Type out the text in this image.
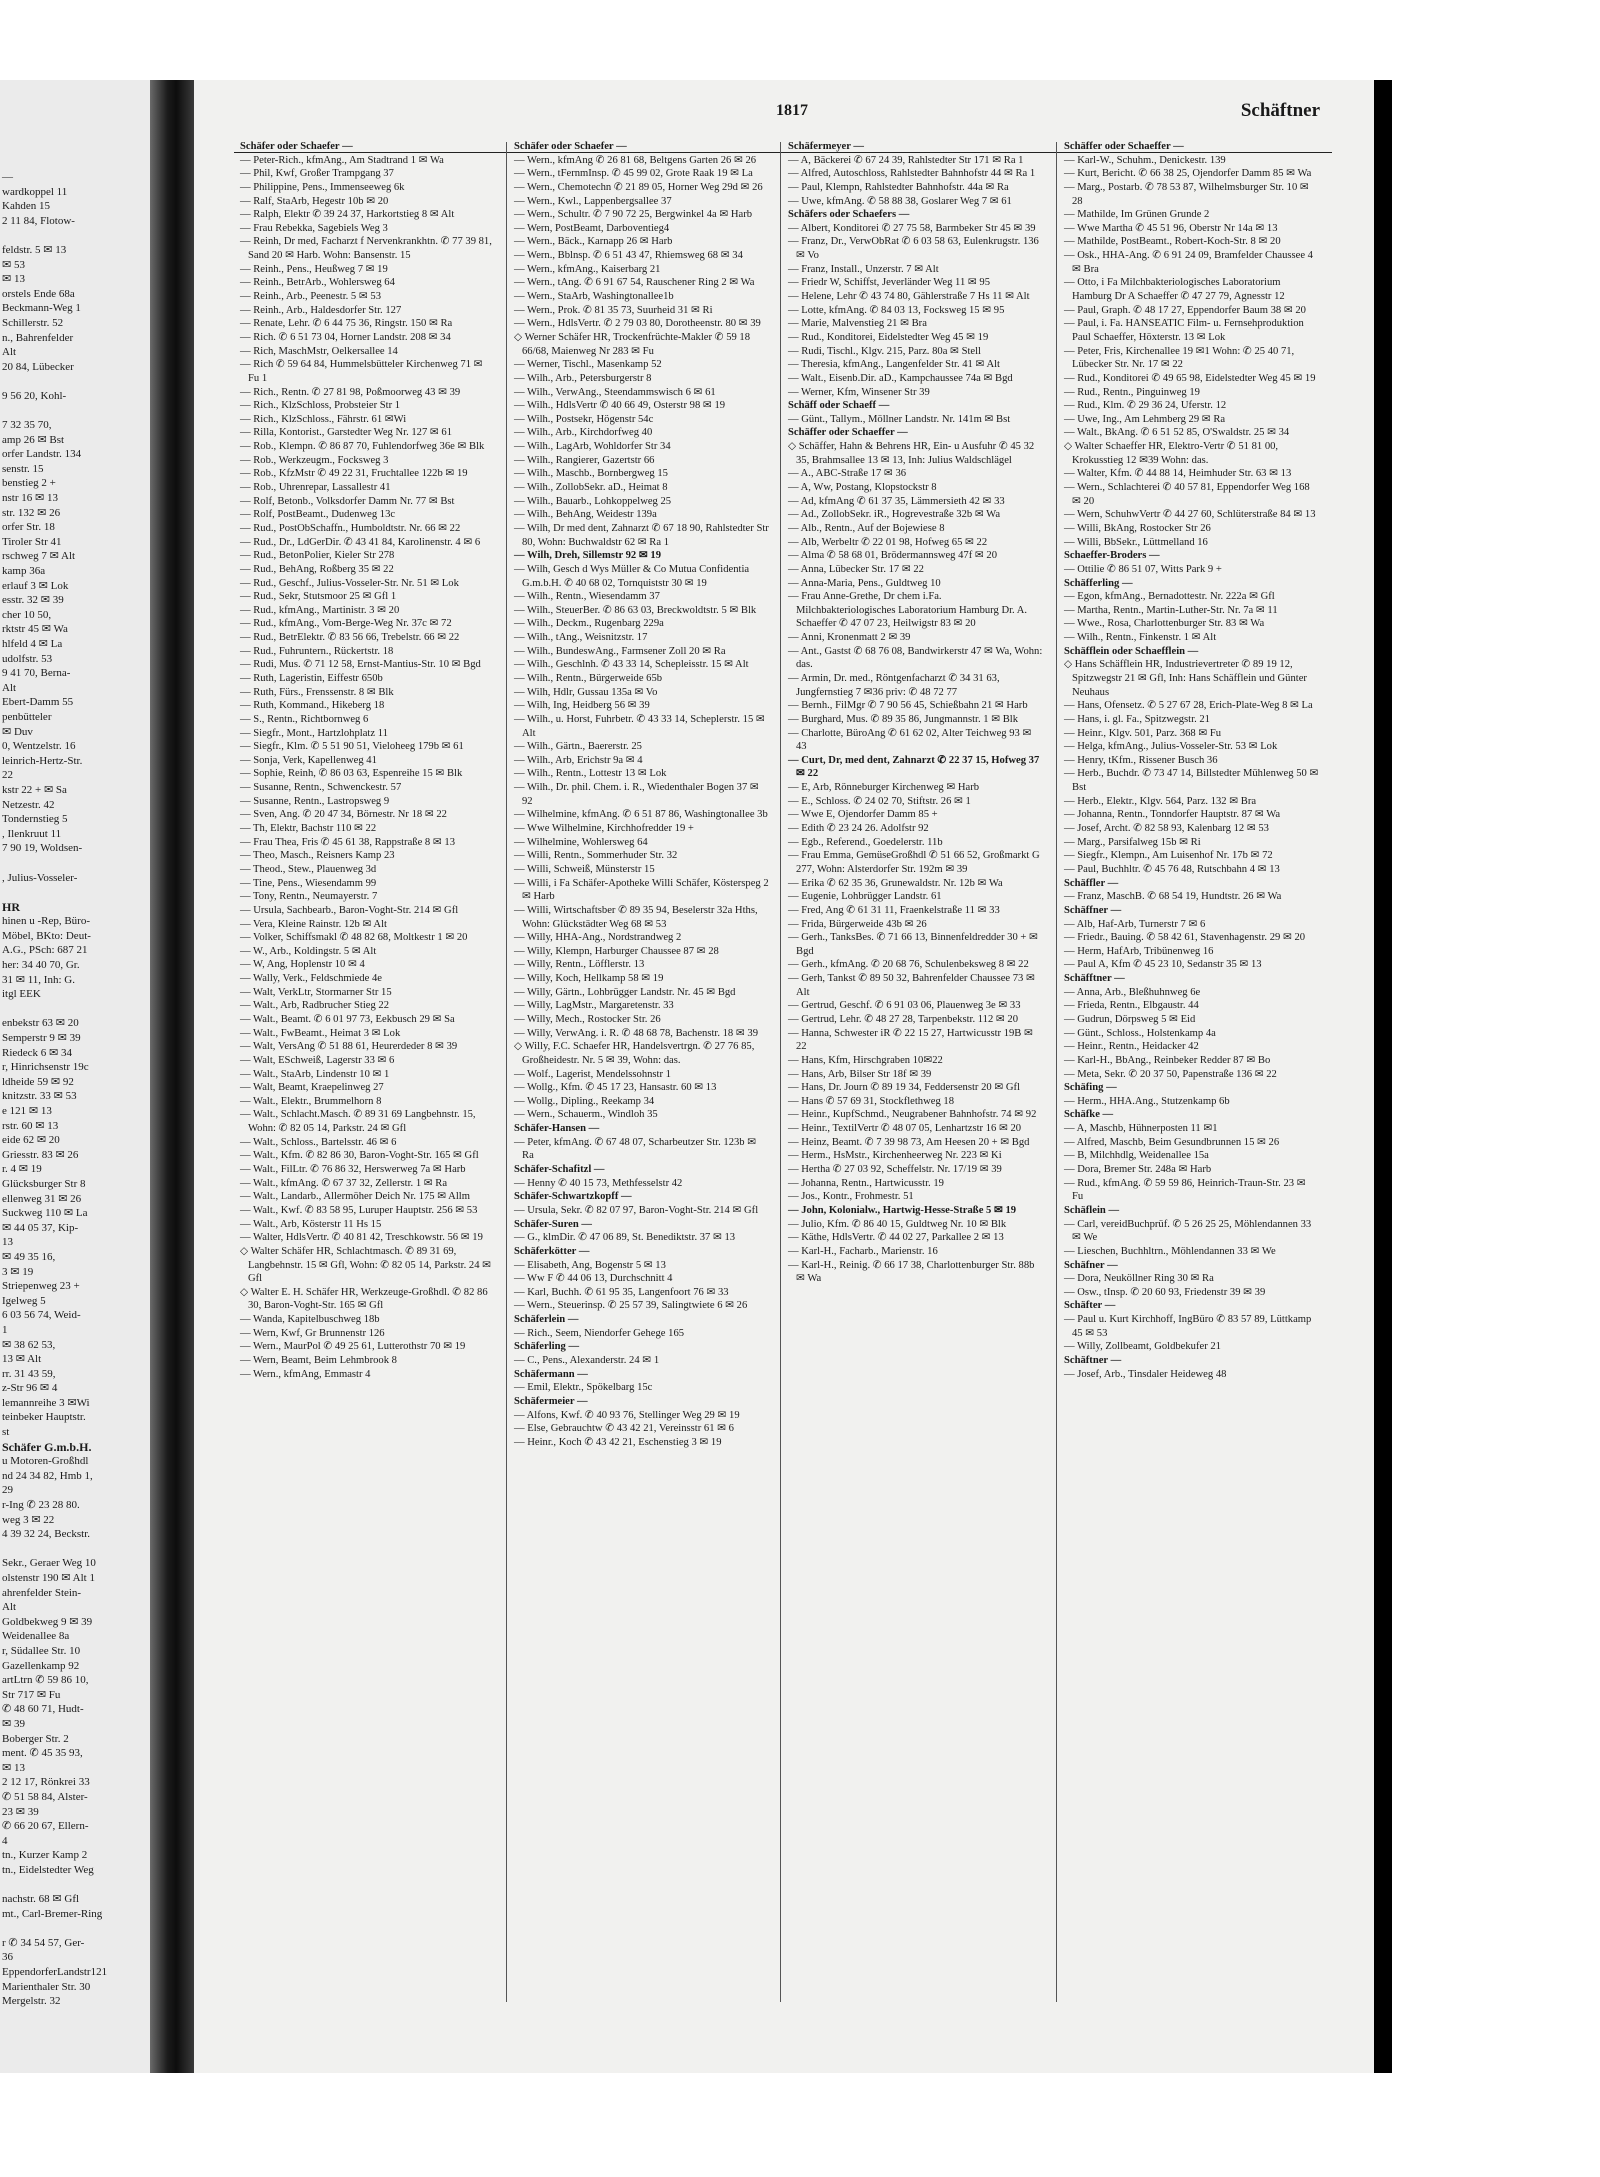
—
wardkoppel 11
Kahden 15
2 11 84, Flotow-

feldstr. 5 ✉ 13
✉ 53
✉ 13
orstels Ende 68a
Beckmann-Weg 1
Schillerstr. 52
n., Bahrenfelder
Alt
20 84, Lübecker

9 56 20, Kohl-

7 32 35 70,
amp 26 ✉ Bst
orfer Landstr. 134
senstr. 15
benstieg 2 +
nstr 16 ✉ 13
str. 132 ✉ 26
orfer Str. 18
Tiroler Str 41
rschweg 7 ✉ Alt
kamp 36a
erlauf 3 ✉ Lok
esstr. 32 ✉ 39
cher 10 50,
rktstr 45 ✉ Wa
hlfeld 4 ✉ La
udolfstr. 53
9 41 70, Berna-
Alt
Ebert-Damm 55
penbütteler
✉ Duv
0, Wentzelstr. 16
leinrich-Hertz-Str.
22
kstr 22 + ✉ Sa
Netzestr. 42
Tondernstieg 5
, Ilenkruut 11
7 90 19, Woldsen-

, Julius-Vosseler-

HR
hinen u -Rep, Büro-
Möbel, BKto: Deut-
A.G., PSch: 687 21
her: 34 40 70, Gr.
31 ✉ 11, Inh: G.
itgl EEK

enbekstr 63 ✉ 20
Semperstr 9 ✉ 39
Riedeck 6 ✉ 34
r, Hinrichsenstr 19c
ldheide 59 ✉ 92
knitzstr. 33 ✉ 53
e 121 ✉ 13
rstr. 60 ✉ 13
eide 62 ✉ 20
Griesstr. 83 ✉ 26
r. 4 ✉ 19
Glücksburger Str 8
ellenweg 31 ✉ 26
Suckweg 110 ✉ La
✉ 44 05 37, Kip-
13
✉ 49 35 16,
3 ✉ 19
Striepenweg 23 +
Igelweg 5
6 03 56 74, Weid-
1
✉ 38 62 53,
13 ✉ Alt
rr. 31 43 59,
z-Str 96 ✉ 4
lemannreihe 3 ✉Wi
teinbeker Hauptstr.
st
Schäfer G.m.b.H.
u Motoren-Großhdl
nd 24 34 82, Hmb 1,
29
r-Ing ✆ 23 28 80.
weg 3 ✉ 22
4 39 32 24, Beckstr.

Sekr., Geraer Weg 10
olstenstr 190 ✉ Alt 1
ahrenfelder Stein-
Alt
Goldbekweg 9 ✉ 39
Weidenallee 8a
r, Südallee Str. 10
Gazellenkamp 92
artLtrn ✆ 59 86 10,
Str 717 ✉ Fu
✆ 48 60 71, Hudt-
✉ 39
Boberger Str. 2
ment. ✆ 45 35 93,
✉ 13
2 12 17, Rönkrei 33
✆ 51 58 84, Alster-
23 ✉ 39
✆ 66 20 67, Ellern-
4
tn., Kurzer Kamp 2
tn., Eidelstedter Weg

nachstr. 68 ✉ Gfl
mt., Carl-Bremer-Ring

r ✆ 34 54 57, Ger-
36
EppendorferLandstr121
Marienthaler Str. 30
Mergelstr. 32
1817	Schäftner
Schäfer oder Schaefer —
— Peter-Rich., kfmAng., Am Stadtrand 1 ✉ Wa
— Phil, Kwf, Großer Trampgang 37
— Philippine, Pens., Immenseeweg 6k
— Ralf, StaArb, Hegestr 10b ✉ 20
— Ralph, Elektr ✆ 39 24 37, Harkortstieg 8 ✉ Alt
— Frau Rebekka, Sagebiels Weg 3
— Reinh, Dr med, Facharzt f Nervenkrankhtn. ✆ 77 39 81, Sand 20 ✉ Harb. Wohn: Bansenstr. 15
— Reinh., Pens., Heußweg 7 ✉ 19
— Reinh., BetrArb., Wohlersweg 64
— Reinh., Arb., Peenestr. 5 ✉ 53
— Reinh., Arb., Haldesdorfer Str. 127
— Renate, Lehr. ✆ 6 44 75 36, Ringstr. 150 ✉ Ra
— Rich. ✆ 6 51 73 04, Horner Landstr. 208 ✉ 34
— Rich, MaschMstr, Oelkersallee 14
— Rich ✆ 59 64 84, Hummelsbütteler Kirchenweg 71 ✉ Fu 1
— Rich., Rentn. ✆ 27 81 98, Poßmoorweg 43 ✉ 39
— Rich., KlzSchloss, Probsteier Str 1
— Rich., KlzSchloss., Fährstr. 61 ✉Wi
— Rilla, Kontorist., Garstedter Weg Nr. 127 ✉ 61
— Rob., Klempn. ✆ 86 87 70, Fuhlendorfweg 36e ✉ Blk
— Rob., Werkzeugm., Focksweg 3
— Rob., KfzMstr ✆ 49 22 31, Fruchtallee 122b ✉ 19
— Rob., Uhrenrepar, Lassallestr 41
— Rolf, Betonb., Volksdorfer Damm Nr. 77 ✉ Bst
— Rolf, PostBeamt., Dudenweg 13c
— Rud., PostObSchaffn., Humboldtstr. Nr. 66 ✉ 22
— Rud., Dr., LdGerDir. ✆ 43 41 84, Karolinenstr. 4 ✉ 6
— Rud., BetonPolier, Kieler Str 278
— Rud., BehAng, Roßberg 35 ✉ 22
— Rud., Geschf., Julius-Vosseler-Str. Nr. 51 ✉ Lok
— Rud., Sekr, Stutsmoor 25 ✉ Gfl 1
— Rud., kfmAng., Martinistr. 3 ✉ 20
— Rud., kfmAng., Vom-Berge-Weg Nr. 37c ✉ 72
— Rud., BetrElektr. ✆ 83 56 66, Trebelstr. 66 ✉ 22
— Rud., Fuhruntern., Rückertstr. 18
— Rudi, Mus. ✆ 71 12 58, Ernst-Mantius-Str. 10 ✉ Bgd
— Ruth, Lageristin, Eiffestr 650b
— Ruth, Fürs., Frenssenstr. 8 ✉ Blk
— Ruth, Kommand., Hikeberg 18
— S., Rentn., Richtbornweg 6
— Siegfr., Mont., Hartzlohplatz 11
— Siegfr., Klm. ✆ 5 51 90 51, Vieloheeg 179b ✉ 61
— Sonja, Verk, Kapellenweg 41
— Sophie, Reinh, ✆ 86 03 63, Espenreihe 15 ✉ Blk
— Susanne, Rentn., Schwenckestr. 57
— Susanne, Rentn., Lastropsweg 9
— Sven, Ang. ✆ 20 47 34, Börnestr. Nr 18 ✉ 22
— Th, Elektr, Bachstr 110 ✉ 22
— Frau Thea, Fris ✆ 45 61 38, Rappstraße 8 ✉ 13
— Theo, Masch., Reisners Kamp 23
— Theod., Stew., Plauenweg 3d
— Tine, Pens., Wiesendamm 99
— Tony, Rentn., Neumayerstr. 7
— Ursula, Sachbearb., Baron-Voght-Str. 214 ✉ Gfl
— Vera, Kleine Rainstr. 12b ✉ Alt
— Volker, Schiffsmakl ✆ 48 82 68, Moltkestr 1 ✉ 20
— W., Arb., Koldingstr. 5 ✉ Alt
— W, Ang, Hoplenstr 10 ✉ 4
— Wally, Verk., Feldschmiede 4e
— Walt, VerkLtr, Stormarner Str 15
— Walt., Arb, Radbrucher Stieg 22
— Walt., Beamt. ✆ 6 01 97 73, Eekbusch 29 ✉ Sa
— Walt., FwBeamt., Heimat 3 ✉ Lok
— Walt, VersAng ✆ 51 88 61, Heurerdeder 8 ✉ 39
— Walt, ESchweiß, Lagerstr 33 ✉ 6
— Walt., StaArb, Lindenstr 10 ✉ 1
— Walt, Beamt, Kraepelinweg 27
— Walt., Elektr., Brummelhorn 8
— Walt., Schlacht.Masch. ✆ 89 31 69 Langbehnstr. 15, Wohn: ✆ 82 05 14, Parkstr. 24 ✉ Gfl
— Walt., Schloss., Bartelsstr. 46 ✉ 6
— Walt., Kfm. ✆ 82 86 30, Baron-Voght-Str. 165 ✉ Gfl
— Walt., FilLtr. ✆ 76 86 32, Herswerweg 7a ✉ Harb
— Walt., kfmAng. ✆ 67 37 32, Zellerstr. 1 ✉ Ra
— Walt., Landarb., Allermöher Deich Nr. 175 ✉ Allm
— Walt., Kwf. ✆ 83 58 95, Luruper Hauptstr. 256 ✉ 53
— Walt., Arb, Kösterstr 11 Hs 15
— Walter, HdlsVertr. ✆ 40 81 42, Treschkowstr. 56 ✉ 19
◇ Walter Schäfer HR, Schlachtmasch. ✆ 89 31 69, Langbehnstr. 15 ✉ Gfl, Wohn: ✆ 82 05 14, Parkstr. 24 ✉ Gfl
◇ Walter E. H. Schäfer HR, Werkzeuge-Großhdl. ✆ 82 86 30, Baron-Voght-Str. 165 ✉ Gfl
— Wanda, Kapitelbuschweg 18b
— Wern, Kwf, Gr Brunnenstr 126
— Wern., MaurPol ✆ 49 25 61, Lutterothstr 70 ✉ 19
— Wern, Beamt, Beim Lehmbrook 8
— Wern., kfmAng, Emmastr 4
Schäfer oder Schaefer —
— Wern., kfmAng ✆ 26 81 68, Beltgens Garten 26 ✉ 26
— Wern., tFernmInsp. ✆ 45 99 02, Grote Raak 19 ✉ La
— Wern., Chemotechn ✆ 21 89 05, Horner Weg 29d ✉ 26
— Wern., Kwl., Lappenbergsallee 37
— Wern., Schultr. ✆ 7 90 72 25, Bergwinkel 4a ✉ Harb
— Wern, PostBeamt, Darboventieg4
— Wern., Bäck., Karnapp 26 ✉ Harb
— Wern., Bblnsp. ✆ 6 51 43 47, Rhiemsweg 68 ✉ 34
— Wern., kfmAng., Kaiserbarg 21
— Wern., tAng. ✆ 6 91 67 54, Rauschener Ring 2 ✉ Wa
— Wern., StaArb, Washingtonallee1b
— Wern., Prok. ✆ 81 35 73, Suurheid 31 ✉ Ri
— Wern., HdlsVertr. ✆ 2 79 03 80, Dorotheenstr. 80 ✉ 39
◇ Werner Schäfer HR, Trockenfrüchte-Makler ✆ 59 18 66/68, Maienweg Nr 283 ✉ Fu
— Werner, Tischl., Masenkamp 52
— Wilh., Arb., Petersburgerstr 8
— Wilh., VerwAng., Steendammswisch 6 ✉ 61
— Wilh., HdlsVertr ✆ 40 66 49, Osterstr 98 ✉ 19
— Wilh., Postsekr, Högenstr 54c
— Wilh., Arb., Kirchdorfweg 40
— Wilh., LagArb, Wohldorfer Str 34
— Wilh., Rangierer, Gazertstr 66
— Wilh., Maschb., Bornbergweg 15
— Wilh., ZollobSekr. aD., Heimat 8
— Wilh., Bauarb., Lohkoppelweg 25
— Wilh., BehAng, Weidestr 139a
— Wilh, Dr med dent, Zahnarzt ✆ 67 18 90, Rahlstedter Str 80, Wohn: Buchwaldstr 62 ✉ Ra 1
— Wilh, Dreh, Sillemstr 92 ✉ 19
— Wilh, Gesch d Wys Müller & Co Mutua Confidentia G.m.b.H. ✆ 40 68 02, Tornquiststr 30 ✉ 19
— Wilh., Rentn., Wiesendamm 37
— Wilh., SteuerBer. ✆ 86 63 03, Breckwoldtstr. 5 ✉ Blk
— Wilh., Deckm., Rugenbarg 229a
— Wilh., tAng., Weisnitzstr. 17
— Wilh., BundeswAng., Farmsener Zoll 20 ✉ Ra
— Wilh., Geschlnh. ✆ 43 33 14, Schepleisstr. 15 ✉ Alt
— Wilh., Rentn., Bürgerweide 65b
— Wilh, Hdlr, Gussau 135a ✉ Vo
— Wilh, Ing, Heidberg 56 ✉ 39
— Wilh., u. Horst, Fuhrbetr. ✆ 43 33 14, Scheplerstr. 15 ✉ Alt
— Wilh., Gärtn., Baererstr. 25
— Wilh., Arb, Erichstr 9a ✉ 4
— Wilh., Rentn., Lottestr 13 ✉ Lok
— Wilh., Dr. phil. Chem. i. R., Wiedenthaler Bogen 37 ✉ 92
— Wilhelmine, kfmAng. ✆ 6 51 87 86, Washingtonallee 3b
— Wwe Wilhelmine, Kirchhofredder 19 +
— Wilhelmine, Wohlersweg 64
— Willi, Rentn., Sommerhuder Str. 32
— Willi, Schweiß, Münsterstr 15
— Willi, i Fa Schäfer-Apotheke Willi Schäfer, Kösterspeg 2 ✉ Harb
— Willi, Wirtschaftsber ✆ 89 35 94, Beselerstr 32a Hths, Wohn: Glückstädter Weg 68 ✉ 53
— Willy, HHA-Ang., Nordstrandweg 2
— Willy, Klempn, Harburger Chaussee 87 ✉ 28
— Willy, Rentn., Löfflerstr. 13
— Willy, Koch, Hellkamp 58 ✉ 19
— Willy, Gärtn., Lohbrügger Landstr. Nr. 45 ✉ Bgd
— Willy, LagMstr., Margaretenstr. 33
— Willy, Mech., Rostocker Str. 26
— Willy, VerwAng. i. R. ✆ 48 68 78, Bachenstr. 18 ✉ 39
◇ Willy, F.C. Schaefer HR, Handelsvertrgn. ✆ 27 76 85, Großheidestr. Nr. 5 ✉ 39, Wohn: das.
— Wolf., Lagerist, Mendelssohnstr 1
— Wollg., Kfm. ✆ 45 17 23, Hansastr. 60 ✉ 13
— Wollg., Dipling., Reekamp 34
— Wern., Schauerm., Windloh 35
Schäfer-Hansen —
— Peter, kfmAng. ✆ 67 48 07, Scharbeutzer Str. 123b ✉ Ra
Schäfer-Schafitzl —
— Henny ✆ 40 15 73, Methfesselstr 42
Schäfer-Schwartzkopff —
— Ursula, Sekr. ✆ 82 07 97, Baron-Voght-Str. 214 ✉ Gfl
Schäfer-Suren —
— G., klmDir. ✆ 47 06 89, St. Benediktstr. 37 ✉ 13
Schäferkötter —
— Elisabeth, Ang, Bogenstr 5 ✉ 13
— Ww F ✆ 44 06 13, Durchschnitt 4
— Karl, Buchh. ✆ 61 95 35, Langenfoort 76 ✉ 33
— Wern., Steuerinsp. ✆ 25 57 39, Salingtwiete 6 ✉ 26
Schäferlein —
— Rich., Seem, Niendorfer Gehege 165
Schäferling —
— C., Pens., Alexanderstr. 24 ✉ 1
Schäfermann —
— Emil, Elektr., Spökelbarg 15c
Schäfermeier —
— Alfons, Kwf. ✆ 40 93 76, Stellinger Weg 29 ✉ 19
— Else, Gebrauchtw ✆ 43 42 21, Vereinsstr 61 ✉ 6
— Heinr., Koch ✆ 43 42 21, Eschenstieg 3 ✉ 19
Schäfermeyer —
— A, Bäckerei ✆ 67 24 39, Rahlstedter Str 171 ✉ Ra 1
— Alfred, Autoschloss, Rahlstedter Bahnhofstr 44 ✉ Ra 1
— Paul, Klempn, Rahlstedter Bahnhofstr. 44a ✉ Ra
— Uwe, kfmAng. ✆ 58 88 38, Goslarer Weg 7 ✉ 61
Schäfers oder Schaefers —
— Albert, Konditorei ✆ 27 75 58, Barmbeker Str 45 ✉ 39
— Franz, Dr., VerwObRat ✆ 6 03 58 63, Eulenkrugstr. 136 ✉ Vo
— Franz, Install., Unzerstr. 7 ✉ Alt
— Friedr W, Schiffst, Jeverländer Weg 11 ✉ 95
— Helene, Lehr ✆ 43 74 80, Gählerstraße 7 Hs 11 ✉ Alt
— Lotte, kfmAng. ✆ 84 03 13, Focksweg 15 ✉ 95
— Marie, Malvenstieg 21 ✉ Bra
— Rud., Konditorei, Eidelstedter Weg 45 ✉ 19
— Rudi, Tischl., Klgv. 215, Parz. 80a ✉ Stell
— Theresia, kfmAng., Langenfelder Str. 41 ✉ Alt
— Walt., Eisenb.Dir. aD., Kampchaussee 74a ✉ Bgd
— Werner, Kfm, Winsener Str 39
Schäff oder Schaeff —
— Günt., Tallym., Möllner Landstr. Nr. 141m ✉ Bst
Schäffer oder Schaeffer —
◇ Schäffer, Hahn & Behrens HR, Ein- u Ausfuhr ✆ 45 32 35, Brahmsallee 13 ✉ 13, Inh: Julius Waldschlägel
— A., ABC-Straße 17 ✉ 36
— A, Ww, Postang, Klopstockstr 8
— Ad, kfmAng ✆ 61 37 35, Lämmersieth 42 ✉ 33
— Ad., ZollobSekr. iR., Hogrevestraße 32b ✉ Wa
— Alb., Rentn., Auf der Bojewiese 8
— Alb, Werbeltr ✆ 22 01 98, Hofweg 65 ✉ 22
— Alma ✆ 58 68 01, Brödermannsweg 47f ✉ 20
— Anna, Lübecker Str. 17 ✉ 22
— Anna-Maria, Pens., Guldtweg 10
— Frau Anne-Grethe, Dr chem i.Fa. Milchbakteriologisches Laboratorium Hamburg Dr. A. Schaeffer ✆ 47 07 23, Heilwigstr 83 ✉ 20
— Anni, Kronenmatt 2 ✉ 39
— Ant., Gastst ✆ 68 76 08, Bandwirkerstr 47 ✉ Wa, Wohn: das.
— Armin, Dr. med., Röntgenfacharzt ✆ 34 31 63, Jungfernstieg 7 ✉36 priv: ✆ 48 72 77
— Bernh., FilMgr ✆ 7 90 56 45, Schießbahn 21 ✉ Harb
— Burghard, Mus. ✆ 89 35 86, Jungmannstr. 1 ✉ Blk
— Charlotte, BüroAng ✆ 61 62 02, Alter Teichweg 93 ✉ 43
— Curt, Dr, med dent, Zahnarzt ✆ 22 37 15, Hofweg 37 ✉ 22
— E, Arb, Rönneburger Kirchenweg ✉ Harb
— E., Schloss. ✆ 24 02 70, Stiftstr. 26 ✉ 1
— Wwe E, Ojendorfer Damm 85 +
— Edith ✆ 23 24 26. Adolfstr 92
— Egb., Referend., Goedelerstr. 11b
— Frau Emma, GemüseGroßhdl ✆ 51 66 52, Großmarkt G 277, Wohn: Alsterdorfer Str. 192m ✉ 39
— Erika ✆ 62 35 36, Grunewaldstr. Nr. 12b ✉ Wa
— Eugenie, Lohbrügger Landstr. 61
— Fred, Ang ✆ 61 31 11, Fraenkelstraße 11 ✉ 33
— Frida, Bürgerweide 43b ✉ 26
— Gerh., TanksBes. ✆ 71 66 13, Binnenfeldredder 30 + ✉ Bgd
— Gerh., kfmAng. ✆ 20 68 76, Schulenbeksweg 8 ✉ 22
— Gerh, Tankst ✆ 89 50 32, Bahrenfelder Chaussee 73 ✉ Alt
— Gertrud, Geschf. ✆ 6 91 03 06, Plauenweg 3e ✉ 33
— Gertrud, Lehr. ✆ 48 27 28, Tarpenbekstr. 112 ✉ 20
— Hanna, Schwester iR ✆ 22 15 27, Hartwicusstr 19B ✉ 22
— Hans, Kfm, Hirschgraben 10✉22
— Hans, Arb, Bilser Str 18f ✉ 39
— Hans, Dr. Journ ✆ 89 19 34, Feddersenstr 20 ✉ Gfl
— Hans ✆ 57 69 31, Stockflethweg 18
— Heinr., KupfSchmd., Neugrabener Bahnhofstr. 74 ✉ 92
— Heinr., TextilVertr ✆ 48 07 05, Lenhartzstr 16 ✉ 20
— Heinz, Beamt. ✆ 7 39 98 73, Am Heesen 20 + ✉ Bgd
— Herm., HsMstr., Kirchenheerweg Nr. 223 ✉ Ki
— Hertha ✆ 27 03 92, Scheffelstr. Nr. 17/19 ✉ 39
— Johanna, Rentn., Hartwicusstr. 19
— Jos., Kontr., Frohmestr. 51
— John, Kolonialw., Hartwig-Hesse-Straße 5 ✉ 19
— Julio, Kfm. ✆ 86 40 15, Guldtweg Nr. 10 ✉ Blk
— Käthe, HdlsVertr. ✆ 44 02 27, Parkallee 2 ✉ 13
— Karl-H., Facharb., Marienstr. 16
— Karl-H., Reinig. ✆ 66 17 38, Charlottenburger Str. 88b ✉ Wa
Schäffer oder Schaeffer —
— Karl-W., Schuhm., Denickestr. 139
— Kurt, Bericht. ✆ 66 38 25, Ojendorfer Damm 85 ✉ Wa
— Marg., Postarb. ✆ 78 53 87, Wilhelmsburger Str. 10 ✉ 28
— Mathilde, Im Grünen Grunde 2
— Wwe Martha ✆ 45 51 96, Oberstr Nr 14a ✉ 13
— Mathilde, PostBeamt., Robert-Koch-Str. 8 ✉ 20
— Osk., HHA-Ang. ✆ 6 91 24 09, Bramfelder Chaussee 4 ✉ Bra
— Otto, i Fa Milchbakteriologisches Laboratorium Hamburg Dr A Schaeffer ✆ 47 27 79, Agnesstr 12
— Paul, Graph. ✆ 48 17 27, Eppendorfer Baum 38 ✉ 20
— Paul, i. Fa. HANSEATIC Film- u. Fernsehproduktion Paul Schaeffer, Höxterstr. 13 ✉ Lok
— Peter, Fris, Kirchenallee 19 ✉1 Wohn: ✆ 25 40 71, Lübecker Str. Nr. 17 ✉ 22
— Rud., Konditorei ✆ 49 65 98, Eidelstedter Weg 45 ✉ 19
— Rud., Rentn., Pinguinweg 19
— Rud., Klm. ✆ 29 36 24, Uferstr. 12
— Uwe, Ing., Am Lehmberg 29 ✉ Ra
— Walt., BkAng. ✆ 6 51 52 85, O'Swaldstr. 25 ✉ 34
◇ Walter Schaeffer HR, Elektro-Vertr ✆ 51 81 00, Krokusstieg 12 ✉39 Wohn: das.
— Walter, Kfm. ✆ 44 88 14, Heimhuder Str. 63 ✉ 13
— Wern., Schlachterei ✆ 40 57 81, Eppendorfer Weg 168 ✉ 20
— Wern, SchuhwVertr ✆ 44 27 60, Schlüterstraße 84 ✉ 13
— Willi, BkAng, Rostocker Str 26
— Willi, BbSekr., Lüttmelland 16
Schaeffer-Broders —
— Ottilie ✆ 86 51 07, Witts Park 9 +
Schäfferling —
— Egon, kfmAng., Bernadottestr. Nr. 222a ✉ Gfl
— Martha, Rentn., Martin-Luther-Str. Nr. 7a ✉ 11
— Wwe., Rosa, Charlottenburger Str. 83 ✉ Wa
— Wilh., Rentn., Finkenstr. 1 ✉ Alt
Schäfflein oder Schaefflein —
◇ Hans Schäfflein HR, Industrievertreter ✆ 89 19 12, Spitzwegstr 21 ✉ Gfl, Inh: Hans Schäfflein und Günter Neuhaus
— Hans, Ofensetz. ✆ 5 27 67 28, Erich-Plate-Weg 8 ✉ La
— Hans, i. gl. Fa., Spitzwegstr. 21
— Heinr., Klgv. 501, Parz. 368 ✉ Fu
— Helga, kfmAng., Julius-Vosseler-Str. 53 ✉ Lok
— Henry, tKfm., Rissener Busch 36
— Herb., Buchdr. ✆ 73 47 14, Billstedter Mühlenweg 50 ✉ Bst
— Herb., Elektr., Klgv. 564, Parz. 132 ✉ Bra
— Johanna, Rentn., Tonndorfer Hauptstr. 87 ✉ Wa
— Josef, Archt. ✆ 82 58 93, Kalenbarg 12 ✉ 53
— Marg., Parsifalweg 15b ✉ Ri
— Siegfr., Klempn., Am Luisenhof Nr. 17b ✉ 72
— Paul, Buchhltr. ✆ 45 76 48, Rutschbahn 4 ✉ 13
Schäffler —
— Franz, MaschB. ✆ 68 54 19, Hundtstr. 26 ✉ Wa
Schäffner —
— Alb, Haf-Arb, Turnerstr 7 ✉ 6
— Friedr., Bauing. ✆ 58 42 61, Stavenhagenstr. 29 ✉ 20
— Herm, HafArb, Tribünenweg 16
— Paul A, Kfm ✆ 45 23 10, Sedanstr 35 ✉ 13
Schäfftner —
— Anna, Arb., Bleßhuhnweg 6e
— Frieda, Rentn., Elbgaustr. 44
— Gudrun, Dörpsweg 5 ✉ Eid
— Günt., Schloss., Holstenkamp 4a
— Heinr., Rentn., Heidacker 42
— Karl-H., BbAng., Reinbeker Redder 87 ✉ Bo
— Meta, Sekr. ✆ 20 37 50, Papenstraße 136 ✉ 22
Schäfing —
— Herm., HHA.Ang., Stutzenkamp 6b
Schäfke —
— A, Maschb, Hühnerposten 11 ✉1
— Alfred, Maschb, Beim Gesundbrunnen 15 ✉ 26
— B, Milchhdlg, Weidenallee 15a
— Dora, Bremer Str. 248a ✉ Harb
— Rud., kfmAng. ✆ 59 59 86, Heinrich-Traun-Str. 23 ✉ Fu
Schäflein —
— Carl, vereidBuchprüf. ✆ 5 26 25 25, Möhlendannen 33 ✉ We
— Lieschen, Buchhltrn., Möhlendannen 33 ✉ We
Schäfner —
— Dora, Neuköllner Ring 30 ✉ Ra
— Osw., tInsp. ✆ 20 60 93, Friedenstr 39 ✉ 39
Schäfter —
— Paul u. Kurt Kirchhoff, IngBüro ✆ 83 57 89, Lüttkamp 45 ✉ 53
— Willy, Zollbeamt, Goldbekufer 21
Schäftner —
— Josef, Arb., Tinsdaler Heideweg 48
